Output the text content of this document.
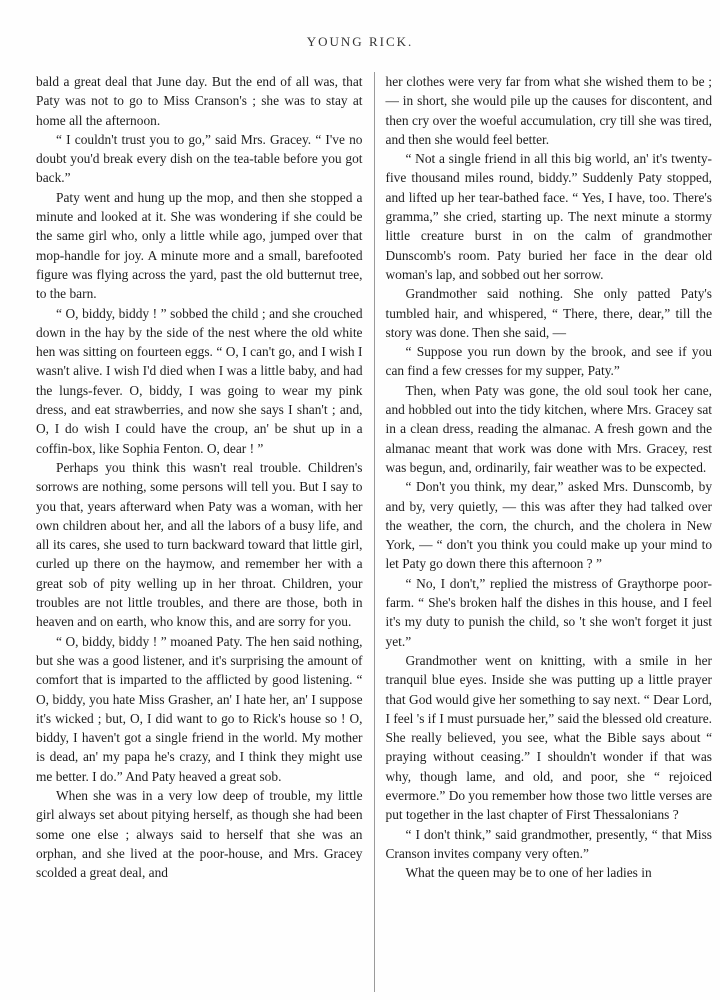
YOUNG RICK.

bald a great deal that June day. But the end of all was, that Paty was not to go to Miss Cranson's ; she was to stay at home all the afternoon.

“ I couldn't trust you to go,” said Mrs. Gracey. “ I've no doubt you'd break every dish on the tea-table before you got back.”

Paty went and hung up the mop, and then she stopped a minute and looked at it. She was wondering if she could be the same girl who, only a little while ago, jumped over that mop-handle for joy. A minute more and a small, barefooted figure was flying across the yard, past the old butternut tree, to the barn.

“ O, biddy, biddy ! ” sobbed the child ; and she crouched down in the hay by the side of the nest where the old white hen was sitting on fourteen eggs. “ O, I can't go, and I wish I wasn't alive. I wish I'd died when I was a little baby, and had the lungs-fever. O, biddy, I was going to wear my pink dress, and eat strawberries, and now she says I shan't ; and, O, I do wish I could have the croup, an' be shut up in a coffin-box, like Sophia Fenton. O, dear ! ”

Perhaps you think this wasn't real trouble. Children's sorrows are nothing, some persons will tell you. But I say to you that, years afterward when Paty was a woman, with her own children about her, and all the labors of a busy life, and all its cares, she used to turn backward toward that little girl, curled up there on the haymow, and remember her with a great sob of pity welling up in her throat. Children, your troubles are not little troubles, and there are those, both in heaven and on earth, who know this, and are sorry for you.

“ O, biddy, biddy ! ” moaned Paty. The hen said nothing, but she was a good listener, and it's surprising the amount of comfort that is imparted to the afflicted by good listening. “ O, biddy, you hate Miss Grasher, an' I hate her, an' I suppose it's wicked ; but, O, I did want to go to Rick's house so ! O, biddy, I haven't got a single friend in the world. My mother is dead, an' my papa he's crazy, and I think they might use me better. I do.” And Paty heaved a great sob.

When she was in a very low deep of trouble, my little girl always set about pitying herself, as though she had been some one else ; always said to herself that she was an orphan, and she lived at the poor-house, and Mrs. Gracey scolded a great deal, and

her clothes were very far from what she wished them to be ; — in short, she would pile up the causes for discontent, and then cry over the woeful accumulation, cry till she was tired, and then she would feel better.

“ Not a single friend in all this big world, an' it's twenty-five thousand miles round, biddy.” Suddenly Paty stopped, and lifted up her tear-bathed face. “ Yes, I have, too. There's gramma,” she cried, starting up. The next minute a stormy little creature burst in on the calm of grandmother Dunscomb's room. Paty buried her face in the dear old woman's lap, and sobbed out her sorrow.

Grandmother said nothing. She only patted Paty's tumbled hair, and whispered, “ There, there, dear,” till the story was done. Then she said, —

“ Suppose you run down by the brook, and see if you can find a few cresses for my supper, Paty.”

Then, when Paty was gone, the old soul took her cane, and hobbled out into the tidy kitchen, where Mrs. Gracey sat in a clean dress, reading the almanac. A fresh gown and the almanac meant that work was done with Mrs. Gracey, rest was begun, and, ordinarily, fair weather was to be expected.

“ Don't you think, my dear,” asked Mrs. Dunscomb, by and by, very quietly, — this was after they had talked over the weather, the corn, the church, and the cholera in New York, — “ don't you think you could make up your mind to let Paty go down there this afternoon ? ”

“ No, I don't,” replied the mistress of Graythorpe poor-farm. “ She's broken half the dishes in this house, and I feel it's my duty to punish the child, so 't she won't forget it just yet.”

Grandmother went on knitting, with a smile in her tranquil blue eyes. Inside she was putting up a little prayer that God would give her something to say next. “ Dear Lord, I feel 's if I must pursuade her,” said the blessed old creature. She really believed, you see, what the Bible says about “ praying without ceasing.” I shouldn't wonder if that was why, though lame, and old, and poor, she “ rejoiced evermore.” Do you remember how those two little verses are put together in the last chapter of First Thessalonians ?

“ I don't think,” said grandmother, presently, “ that Miss Cranson invites company very often.”

What the queen may be to one of her ladies in
